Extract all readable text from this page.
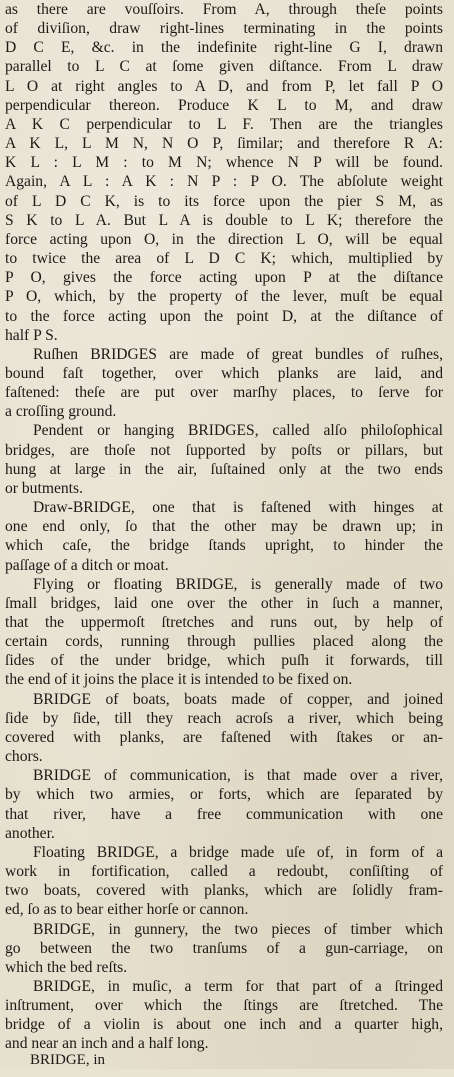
as there are vouſſoirs. From A, through theſe points

of diviſion, draw right-lines terminating in the points

D C E, &c. in the indefinite right-line G I, drawn

parallel to L C at ſome given diſtance. From L draw

L O at right angles to A D, and from P, let fall P O

perpendicular thereon. Produce K L to M, and draw

A K C perpendicular to L F. Then are the triangles

A K L, L M N, N O P, ſimilar; and therefore R A:

K L : L M : to M N; whence N P will be found.

Again, A L : A K : N P : P O. The abſolute weight

of L D C K, is to its force upon the pier S M, as

S K to L A. But L A is double to L K; therefore the

force acting upon O, in the direction L O, will be equal

to twice the area of L D C K; which, multiplied by

P O, gives the force acting upon P at the diſtance

P O, which, by the property of the lever, muſt be equal

to the force acting upon the point D, at the diſtance of

half P S.

Ruſhen BRIDGES are made of great bundles of ruſhes,

bound faſt together, over which planks are laid, and

faſtened: theſe are put over marſhy places, to ſerve for

a croſſing ground.

Pendent or hanging BRIDGES, called alſo philoſophical

bridges, are thoſe not ſupported by poſts or pillars, but

hung at large in the air, ſuſtained only at the two ends

or butments.

Draw-BRIDGE, one that is faſtened with hinges at

one end only, ſo that the other may be drawn up; in

which caſe, the bridge ſtands upright, to hinder the

paſſage of a ditch or moat.

Flying or floating BRIDGE, is generally made of two

ſmall bridges, laid one over the other in ſuch a manner,

that the uppermoſt ſtretches and runs out, by help of

certain cords, running through pullies placed along the

ſides of the under bridge, which puſh it forwards, till

the end of it joins the place it is intended to be fixed on.

BRIDGE of boats, boats made of copper, and joined

ſide by ſide, till they reach acroſs a river, which being

covered with planks, are faſtened with ſtakes or an-

chors.

BRIDGE of communication, is that made over a river,

by which two armies, or forts, which are ſeparated by

that river, have a free communication with one

another.

Floating BRIDGE, a bridge made uſe of, in form of a

work in fortification, called a redoubt, conſiſting of

two boats, covered with planks, which are ſolidly fram-

ed, ſo as to bear either horſe or cannon.

BRIDGE, in gunnery, the two pieces of timber which

go between the two tranſums of a gun-carriage, on

which the bed reſts.

BRIDGE, in muſic, a term for that part of a ſtringed

inſtrument, over which the ſtings are ſtretched. The

bridge of a violin is about one inch and a quarter high,

and near an inch and a half long.

BRIDGE, in
